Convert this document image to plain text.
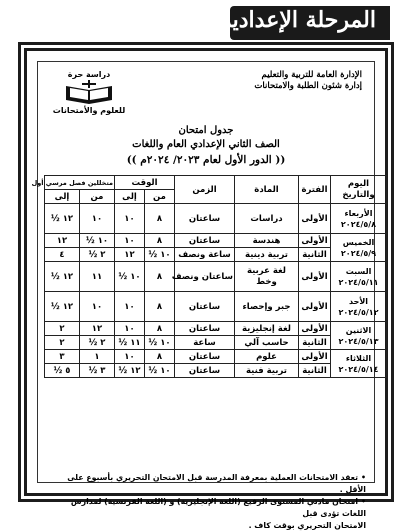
المرحلة الإعدادية
الإدارة العامة للتربية والتعليم
إدارة شئون الطلبة والامتحانات
دراسة حرة
للعلوم والأمتحانات
جدول امتحان
الصف الثاني الإعدادي العام واللغات
(( الدور الأول لعام ٢٠٢٣/ ٢٠٢٤م ))
اليوم والتاريخ	الفترة	المادة	الزمن	الوقت		متخللين فصل مرسي أول	
				من	إلى	من	إلى
الأربعاء ٢٠٢٤/٥/٨	الأولى	دراسات	ساعتان	٨	١٠	١٠	١٢ ½
الخميس ٢٠٢٤/٥/٩	الأولى	هندسة	ساعتان	٨	١٠	١٠ ½	١٢
	الثانية	تربية دينية	ساعة ونصف	١٠ ½	١٢	٢ ½	٤
السبت ٢٠٢٤/٥/١١	الأولى	لغة عربية وخط	ساعتان ونصف	٨	١٠ ½	١١	١٢ ½
الأحد ٢٠٢٤/٥/١٢	الأولى	جبر وإحصاء	ساعتان	٨	١٠	١٠	١٢ ½
الاثنين ٢٠٢٤/٥/١٣	الأولى	لغة إنجليزية	ساعتان	٨	١٠	١٢	٢
	الثانية	حاسب آلي	ساعة	١٠ ½	١١ ½	٢ ½	٢
الثلاثاء ٢٠٢٤/٥/١٤	الأولى	علوم	ساعتان	٨	١٠	١	٣
	الثانية	تربية فنية	ساعتان	١٠ ½	١٢ ½	٣ ½	٥ ½
•تعقد الامتحانات العملية بمعرفة المدرسة قبل الامتحان التحريري بأسبوع على الأقل .
•امتحان مادتي المستوى الرفيع (اللغة الإنجليزية) و (اللغة الفرنسية) لمدارس اللغات تؤدى قبل
الامتحان التحريري بوقت كاف .
